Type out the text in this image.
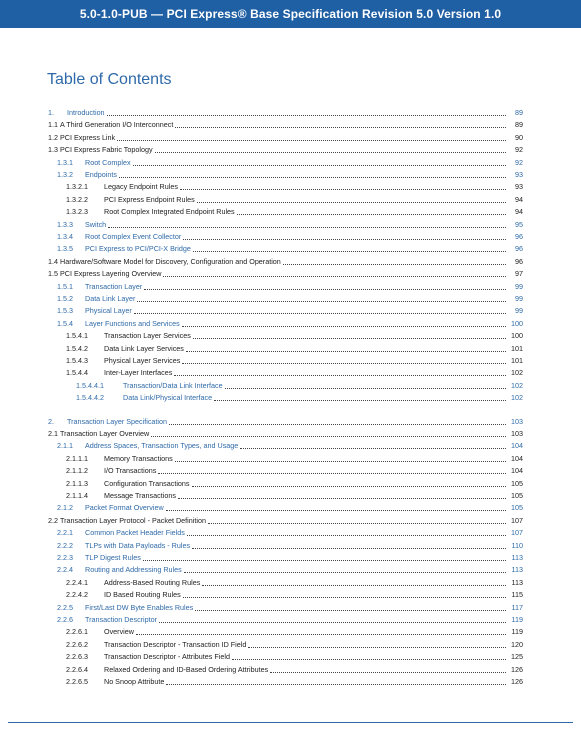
5.0-1.0-PUB — PCI Express® Base Specification Revision 5.0 Version 1.0
Table of Contents
1.	Introduction	89
1.1 A Third Generation I/O Interconnect	89
1.2 PCI Express Link	90
1.3 PCI Express Fabric Topology	92
1.3.1	Root Complex	92
1.3.2	Endpoints	93
1.3.2.1	Legacy Endpoint Rules	93
1.3.2.2	PCI Express Endpoint Rules	94
1.3.2.3	Root Complex Integrated Endpoint Rules	94
1.3.3	Switch	95
1.3.4	Root Complex Event Collector	96
1.3.5	PCI Express to PCI/PCI-X Bridge	96
1.4 Hardware/Software Model for Discovery, Configuration and Operation	96
1.5 PCI Express Layering Overview	97
1.5.1	Transaction Layer	99
1.5.2	Data Link Layer	99
1.5.3	Physical Layer	99
1.5.4	Layer Functions and Services	100
1.5.4.1	Transaction Layer Services	100
1.5.4.2	Data Link Layer Services	101
1.5.4.3	Physical Layer Services	101
1.5.4.4	Inter-Layer Interfaces	102
1.5.4.4.1	Transaction/Data Link Interface	102
1.5.4.4.2	Data Link/Physical Interface	102
2.	Transaction Layer Specification	103
2.1 Transaction Layer Overview	103
2.1.1	Address Spaces, Transaction Types, and Usage	104
2.1.1.1	Memory Transactions	104
2.1.1.2	I/O Transactions	104
2.1.1.3	Configuration Transactions	105
2.1.1.4	Message Transactions	105
2.1.2	Packet Format Overview	105
2.2 Transaction Layer Protocol - Packet Definition	107
2.2.1	Common Packet Header Fields	107
2.2.2	TLPs with Data Payloads - Rules	110
2.2.3	TLP Digest Rules	113
2.2.4	Routing and Addressing Rules	113
2.2.4.1	Address-Based Routing Rules	113
2.2.4.2	ID Based Routing Rules	115
2.2.5	First/Last DW Byte Enables Rules	117
2.2.6	Transaction Descriptor	119
2.2.6.1	Overview	119
2.2.6.2	Transaction Descriptor - Transaction ID Field	120
2.2.6.3	Transaction Descriptor - Attributes Field	125
2.2.6.4	Relaxed Ordering and ID-Based Ordering Attributes	126
2.2.6.5	No Snoop Attribute	126
